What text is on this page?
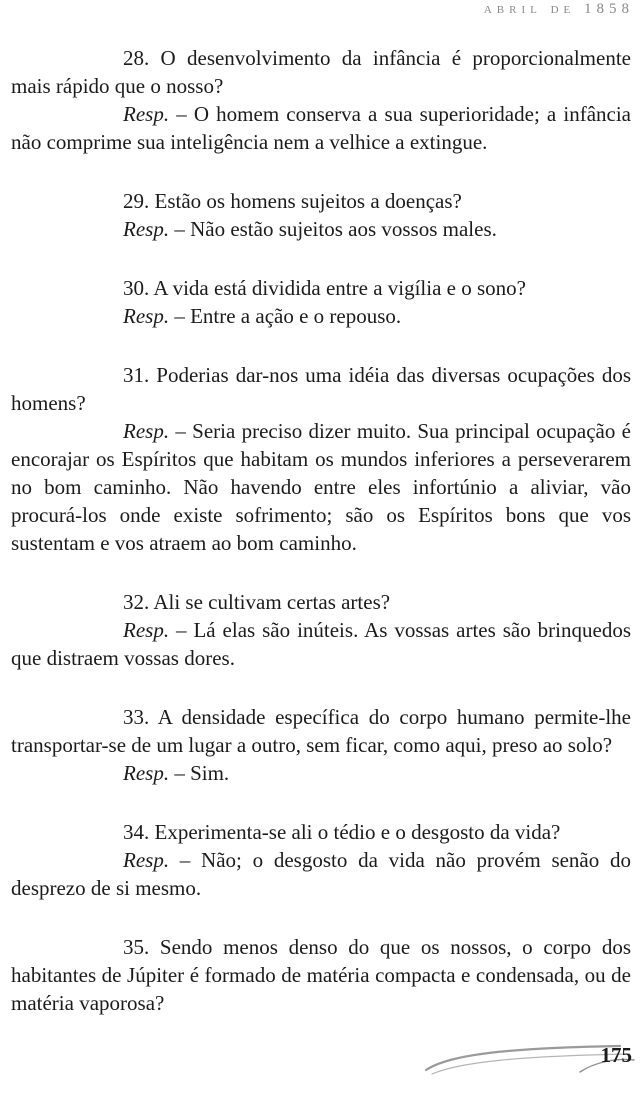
abril de 1858
28. O desenvolvimento da infância é proporcionalmente mais rápido que o nosso?
Resp. – O homem conserva a sua superioridade; a infância não comprime sua inteligência nem a velhice a extingue.
29. Estão os homens sujeitos a doenças?
Resp. – Não estão sujeitos aos vossos males.
30. A vida está dividida entre a vigília e o sono?
Resp. – Entre a ação e o repouso.
31. Poderias dar-nos uma idéia das diversas ocupações dos homens?
Resp. – Seria preciso dizer muito. Sua principal ocupação é encorajar os Espíritos que habitam os mundos inferiores a perseverarem no bom caminho. Não havendo entre eles infortúnio a aliviar, vão procurá-los onde existe sofrimento; são os Espíritos bons que vos sustentam e vos atraem ao bom caminho.
32. Ali se cultivam certas artes?
Resp. – Lá elas são inúteis. As vossas artes são brinquedos que distraem vossas dores.
33. A densidade específica do corpo humano permite-lhe transportar-se de um lugar a outro, sem ficar, como aqui, preso ao solo?
Resp. – Sim.
34. Experimenta-se ali o tédio e o desgosto da vida?
Resp. – Não; o desgosto da vida não provém senão do desprezo de si mesmo.
35. Sendo menos denso do que os nossos, o corpo dos habitantes de Júpiter é formado de matéria compacta e condensada, ou de matéria vaporosa?
175
